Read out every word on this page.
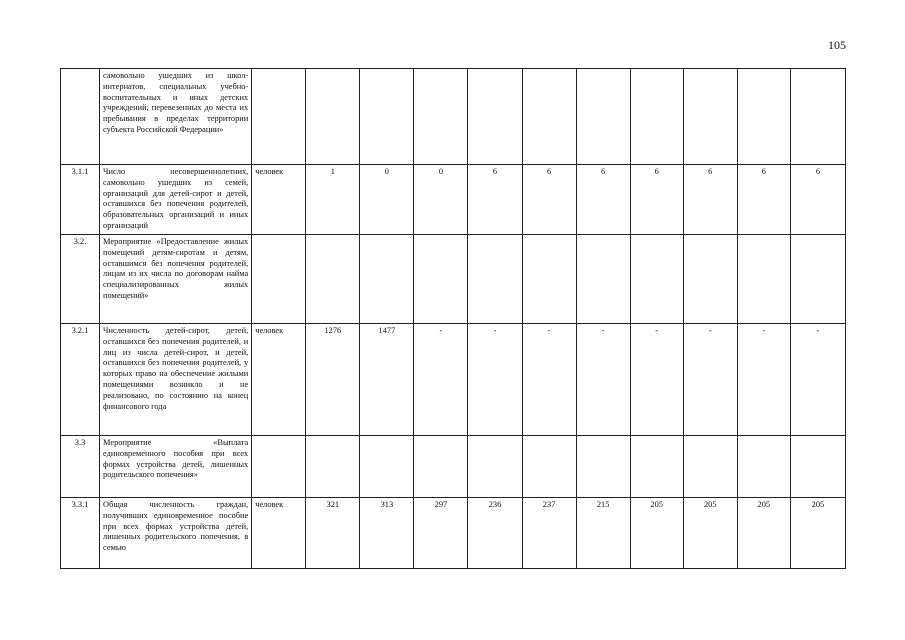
105
	самовольно ушедших из школ-интернатов, специальных учебно-воспитательных и иных детских учреждений, перевезенных до места их пребывания в пределах территории субъекта Российской Федерации»											
3.1.1	Число несовершеннолетних, самовольно ушедших из семей, организаций для детей-сирот и детей, оставшихся без попечения родителей, образовательных организаций и иных организаций	человек	1	0	0	6	6	6	6	6	6	6
3.2.	Мероприятие «Предоставление жилых помещений детям-сиротам и детям, оставшимся без попечения родителей, лицам из их числа по договорам найма специализированных жилых помещений»											
3.2.1	Численность детей-сирот, детей, оставшихся без попечения родителей, и лиц из числа детей-сирот, и детей, оставшихся без попечения родителей, у которых право на обеспечение жилыми помещениями возникло и не реализовано, по состоянию на конец финансового года	человек	1276	1477	-	-	-	-	-	-	-	-
3.3	Мероприятие «Выплата единовременного пособия при всех формах устройства детей, лишенных родительского попечения»											
3.3.1	Общая численность граждан, получивших единовременное пособие при всех формах устройства детей, лишенных родительского попечения, в семью	человек	321	313	297	236	237	215	205	205	205	205
